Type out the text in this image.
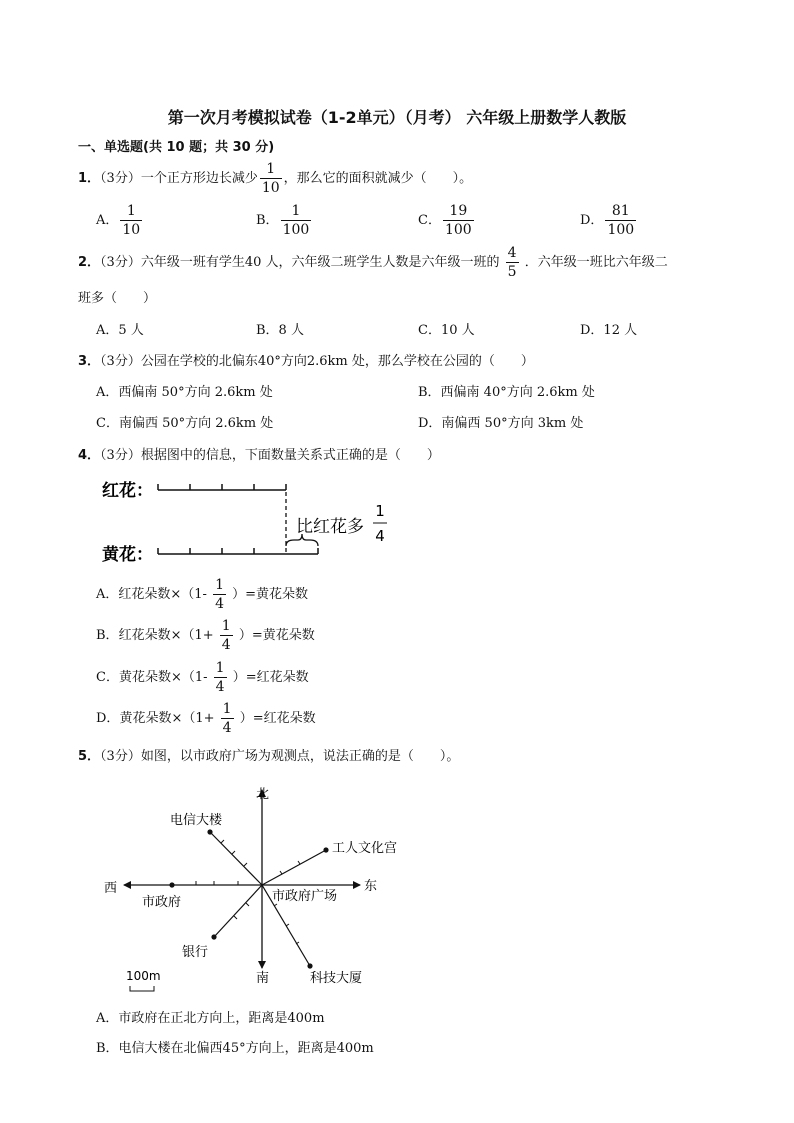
第一次月考模拟试卷（1-2单元）（月考） 六年级上册数学人教版
一、单选题(共 10 题；共 30 分)
1．（3分）一个正方形边长减少 $\frac{1}{10}$ ，那么它的面积就减少（　　）。
A． $\frac{1}{10}$	B． $\frac{1}{100}$	C． $\frac{19}{100}$	D． $\frac{81}{100}$
2．（3分）六年级一班有学生40 人，六年级二班学生人数是六年级一班的 $\frac{4}{5}$ ．六年级一班比六年级二
班多（　　）
A．5 人	B．8 人	C．10 人	D．12 人
3．（3分）公园在学校的北偏东40°方向2.6km 处，那么学校在公园的（　　）
A．西偏南 50°方向 2.6km 处	B．西偏南 40°方向 2.6km 处
C．南偏西 50°方向 2.6km 处	D．南偏西 50°方向 3km 处
4．（3分）根据图中的信息，下面数量关系式正确的是（　　）
红花：
黄花：
比红花多
1
4
A．红花朵数$\times(1- \frac{1}{4}$ ）=黄花朵数
B．红花朵数$\times(1+ \frac{1}{4}$ ）=黄花朵数
C．黄花朵数$\times(1- \frac{1}{4}$ ）=红花朵数
D．黄花朵数$\times(1+ \frac{1}{4}$ ）=红花朵数
5．（3分）如图，以市政府广场为观测点，说法正确的是（　　）。
北
南
东
西
市政府	市政府广场
电信大楼
工人文化宫
银行
科技大厦
100m
A．市政府在正北方向上，距离是400m
B．电信大楼在北偏西45°方向上，距离是400m
